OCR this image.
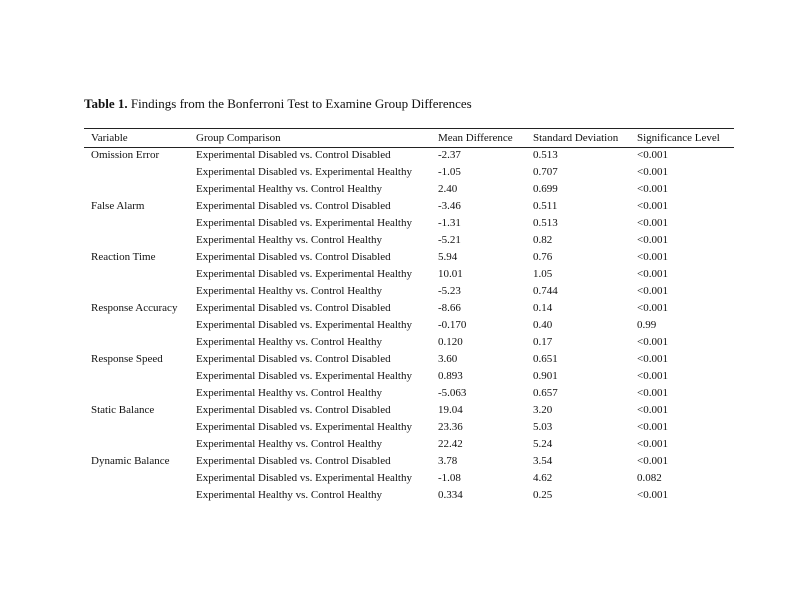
Table 1. Findings from the Bonferroni Test to Examine Group Differences
Variable	Group Comparison	Mean Difference	Standard Deviation	Significance Level
Omission Error	Experimental Disabled vs. Control Disabled	-2.37	0.513	<0.001
	Experimental Disabled vs. Experimental Healthy	-1.05	0.707	<0.001
	Experimental Healthy vs. Control Healthy	2.40	0.699	<0.001
False Alarm	Experimental Disabled vs. Control Disabled	-3.46	0.511	<0.001
	Experimental Disabled vs. Experimental Healthy	-1.31	0.513	<0.001
	Experimental Healthy vs. Control Healthy	-5.21	0.82	<0.001
Reaction Time	Experimental Disabled vs. Control Disabled	5.94	0.76	<0.001
	Experimental Disabled vs. Experimental Healthy	10.01	1.05	<0.001
	Experimental Healthy vs. Control Healthy	-5.23	0.744	<0.001
Response Accuracy	Experimental Disabled vs. Control Disabled	-8.66	0.14	<0.001
	Experimental Disabled vs. Experimental Healthy	-0.170	0.40	0.99
	Experimental Healthy vs. Control Healthy	0.120	0.17	<0.001
Response Speed	Experimental Disabled vs. Control Disabled	3.60	0.651	<0.001
	Experimental Disabled vs. Experimental Healthy	0.893	0.901	<0.001
	Experimental Healthy vs. Control Healthy	-5.063	0.657	<0.001
Static Balance	Experimental Disabled vs. Control Disabled	19.04	3.20	<0.001
	Experimental Disabled vs. Experimental Healthy	23.36	5.03	<0.001
	Experimental Healthy vs. Control Healthy	22.42	5.24	<0.001
Dynamic Balance	Experimental Disabled vs. Control Disabled	3.78	3.54	<0.001
	Experimental Disabled vs. Experimental Healthy	-1.08	4.62	0.082
	Experimental Healthy vs. Control Healthy	0.334	0.25	<0.001
